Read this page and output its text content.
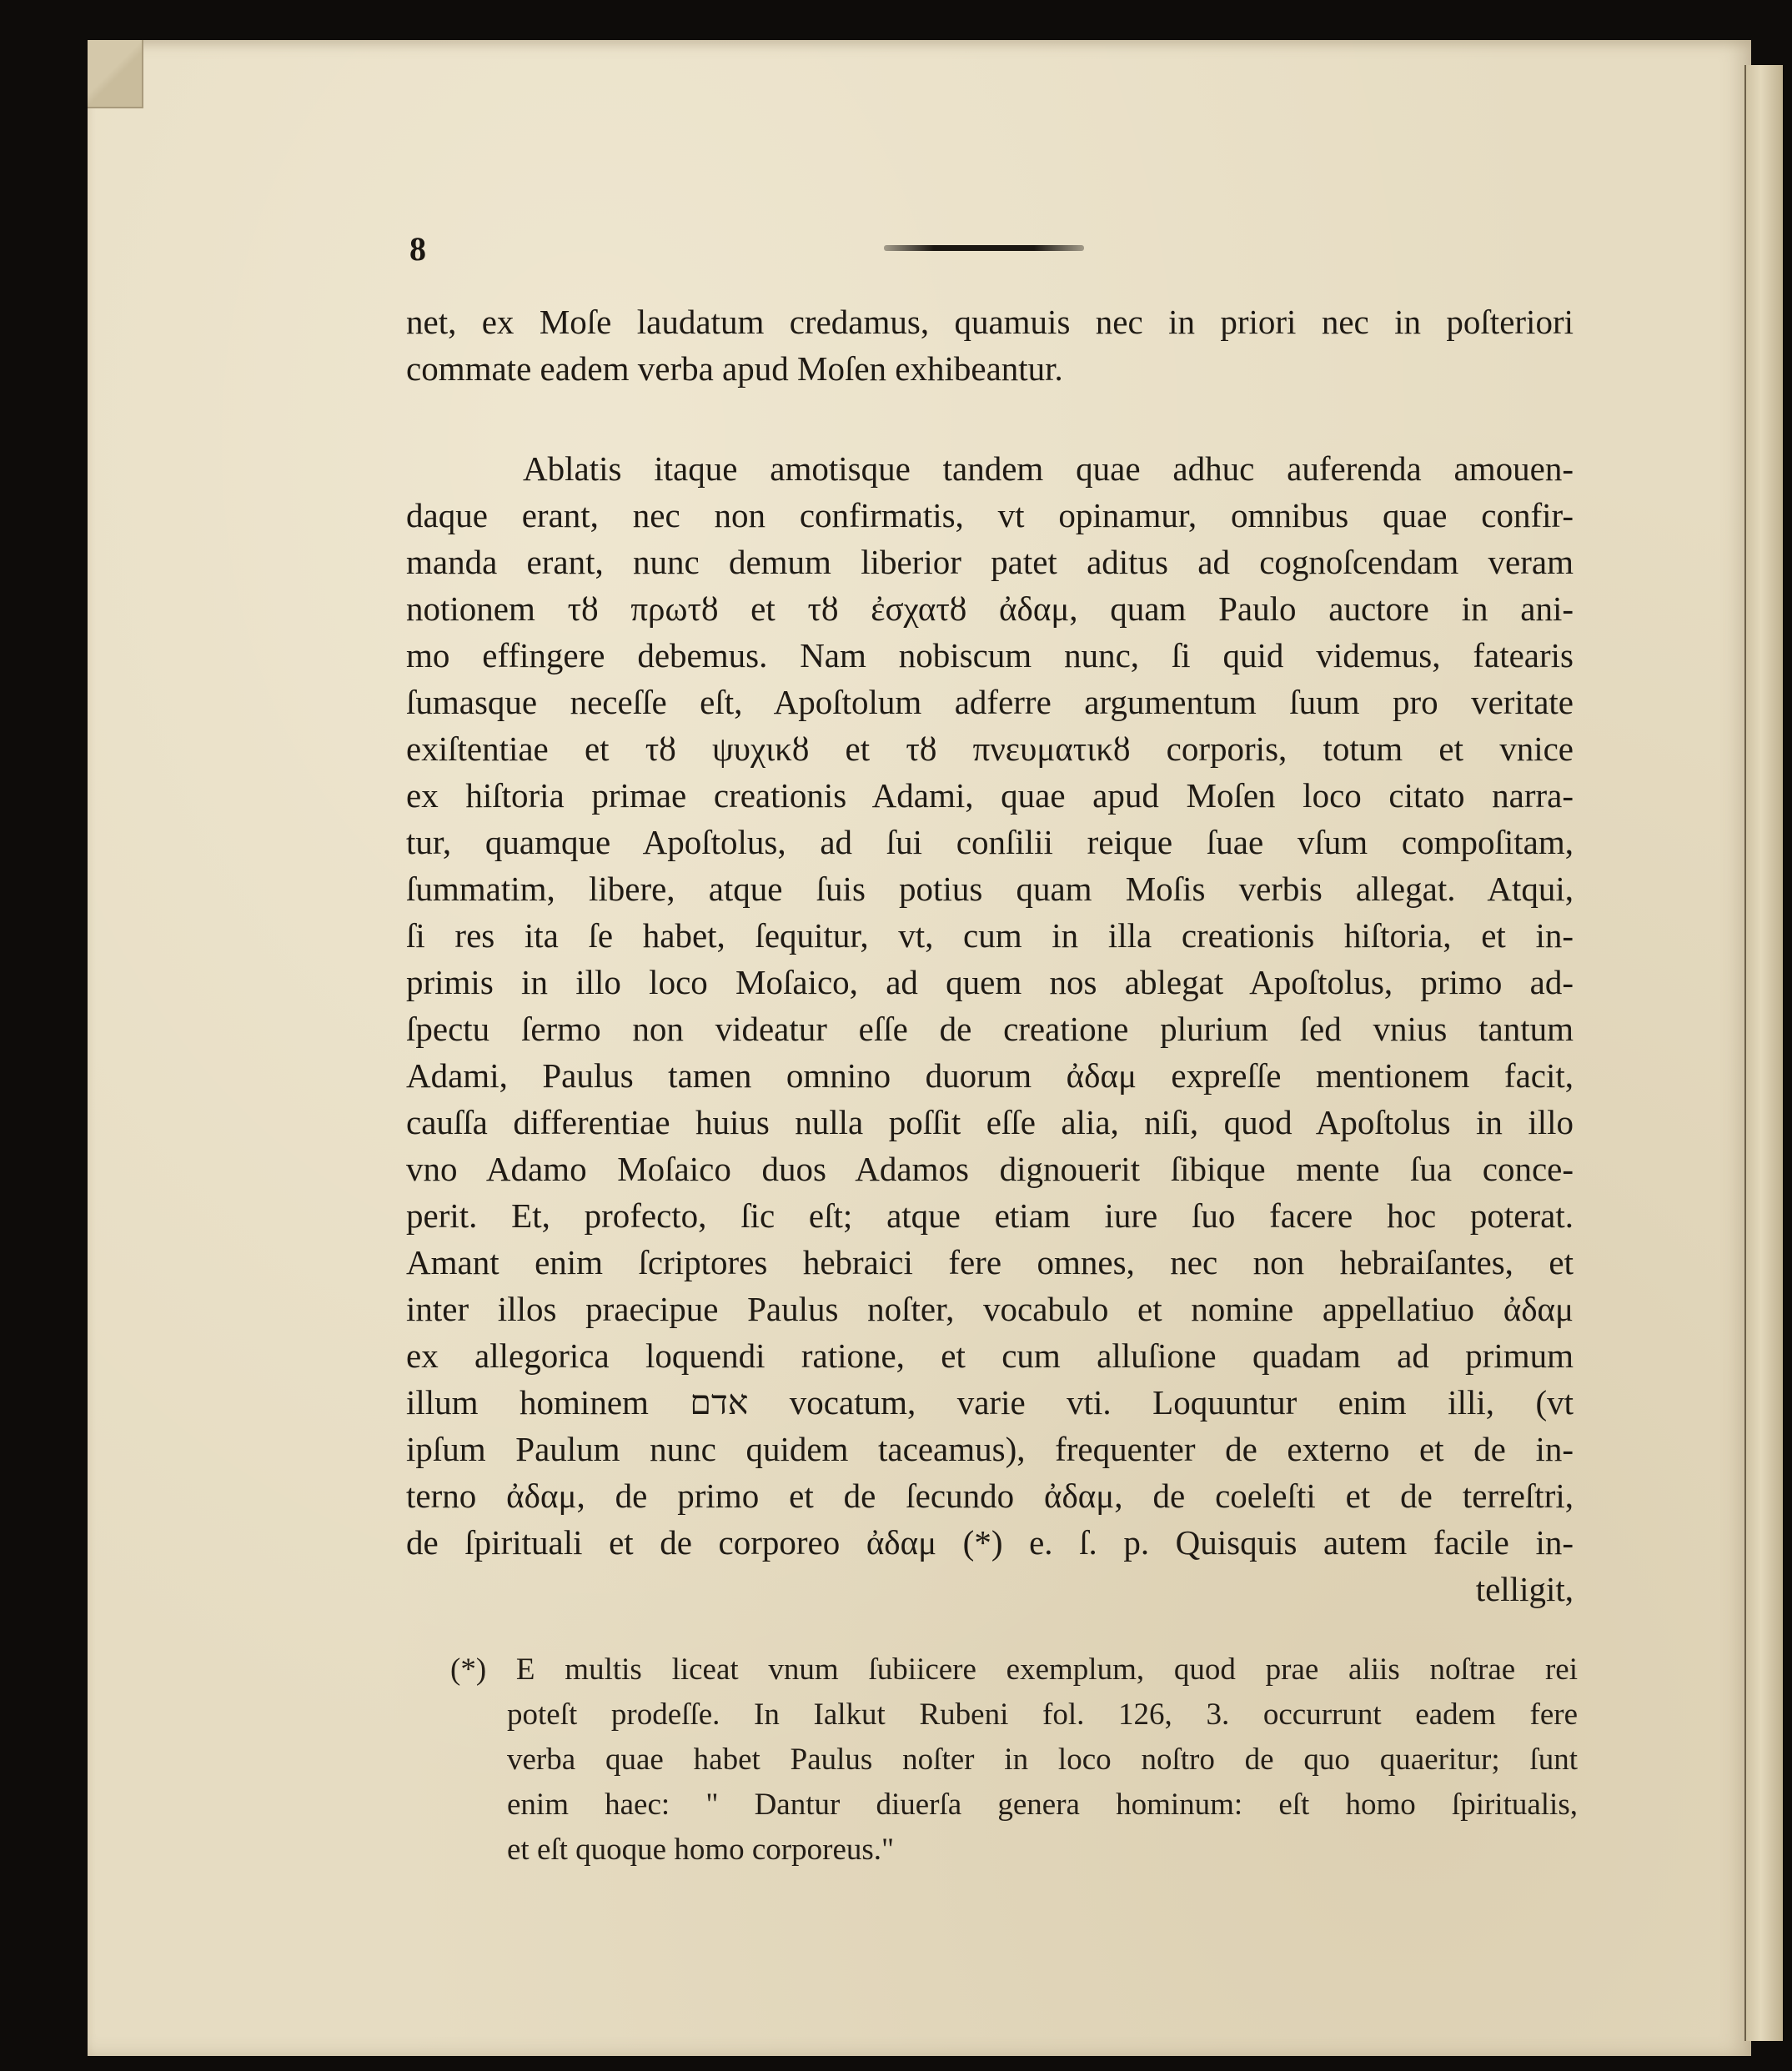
8
net, ex Moſe laudatum credamus, quamuis nec in priori nec in poſteriori
commate eadem verba apud Moſen exhibeantur.
Ablatis itaque amotisque tandem quae adhuc auferenda amouen-
daque erant, nec non confirmatis, vt opinamur, omnibus quae confir-
manda erant, nunc demum liberior patet aditus ad cognoſcendam veram
notionem τȣ πρωτȣ et τȣ ἐσχατȣ ἀδαμ, quam Paulo auctore in ani-
mo effingere debemus. Nam nobiscum nunc, ſi quid videmus, fatearis
ſumasque neceſſe eſt, Apoſtolum adferre argumentum ſuum pro veritate
exiſtentiae et τȣ ψυχικȣ et τȣ πνευματικȣ corporis, totum et vnice
ex hiſtoria primae creationis Adami, quae apud Moſen loco citato narra-
tur, quamque Apoſtolus, ad ſui conſilii reique ſuae vſum compoſitam,
ſummatim, libere, atque ſuis potius quam Moſis verbis allegat. Atqui,
ſi res ita ſe habet, ſequitur, vt, cum in illa creationis hiſtoria, et in-
primis in illo loco Moſaico, ad quem nos ablegat Apoſtolus, primo ad-
ſpectu ſermo non videatur eſſe de creatione plurium ſed vnius tantum
Adami, Paulus tamen omnino duorum ἀδαμ expreſſe mentionem facit,
cauſſa differentiae huius nulla poſſit eſſe alia, niſi, quod Apoſtolus in illo
vno Adamo Moſaico duos Adamos dignouerit ſibique mente ſua conce-
perit. Et, profecto, ſic eſt; atque etiam iure ſuo facere hoc poterat.
Amant enim ſcriptores hebraici fere omnes, nec non hebraiſantes, et
inter illos praecipue Paulus noſter, vocabulo et nomine appellatiuo ἀδαμ
ex allegorica loquendi ratione, et cum alluſione quadam ad primum
illum hominem אדם vocatum, varie vti. Loquuntur enim illi, (vt
ipſum Paulum nunc quidem taceamus), frequenter de externo et de in-
terno ἀδαμ, de primo et de ſecundo ἀδαμ, de coeleſti et de terreſtri,
de ſpirituali et de corporeo ἀδαμ (*) e. ſ. p. Quisquis autem facile in-
telligit,
(*) E multis liceat vnum ſubiicere exemplum, quod prae aliis noſtrae rei
poteſt prodeſſe. In Ialkut Rubeni fol. 126, 3. occurrunt eadem fere
verba quae habet Paulus noſter in loco noſtro de quo quaeritur; ſunt
enim haec: " Dantur diuerſa genera hominum: eſt homo ſpiritualis,
et eſt quoque homo corporeus."
